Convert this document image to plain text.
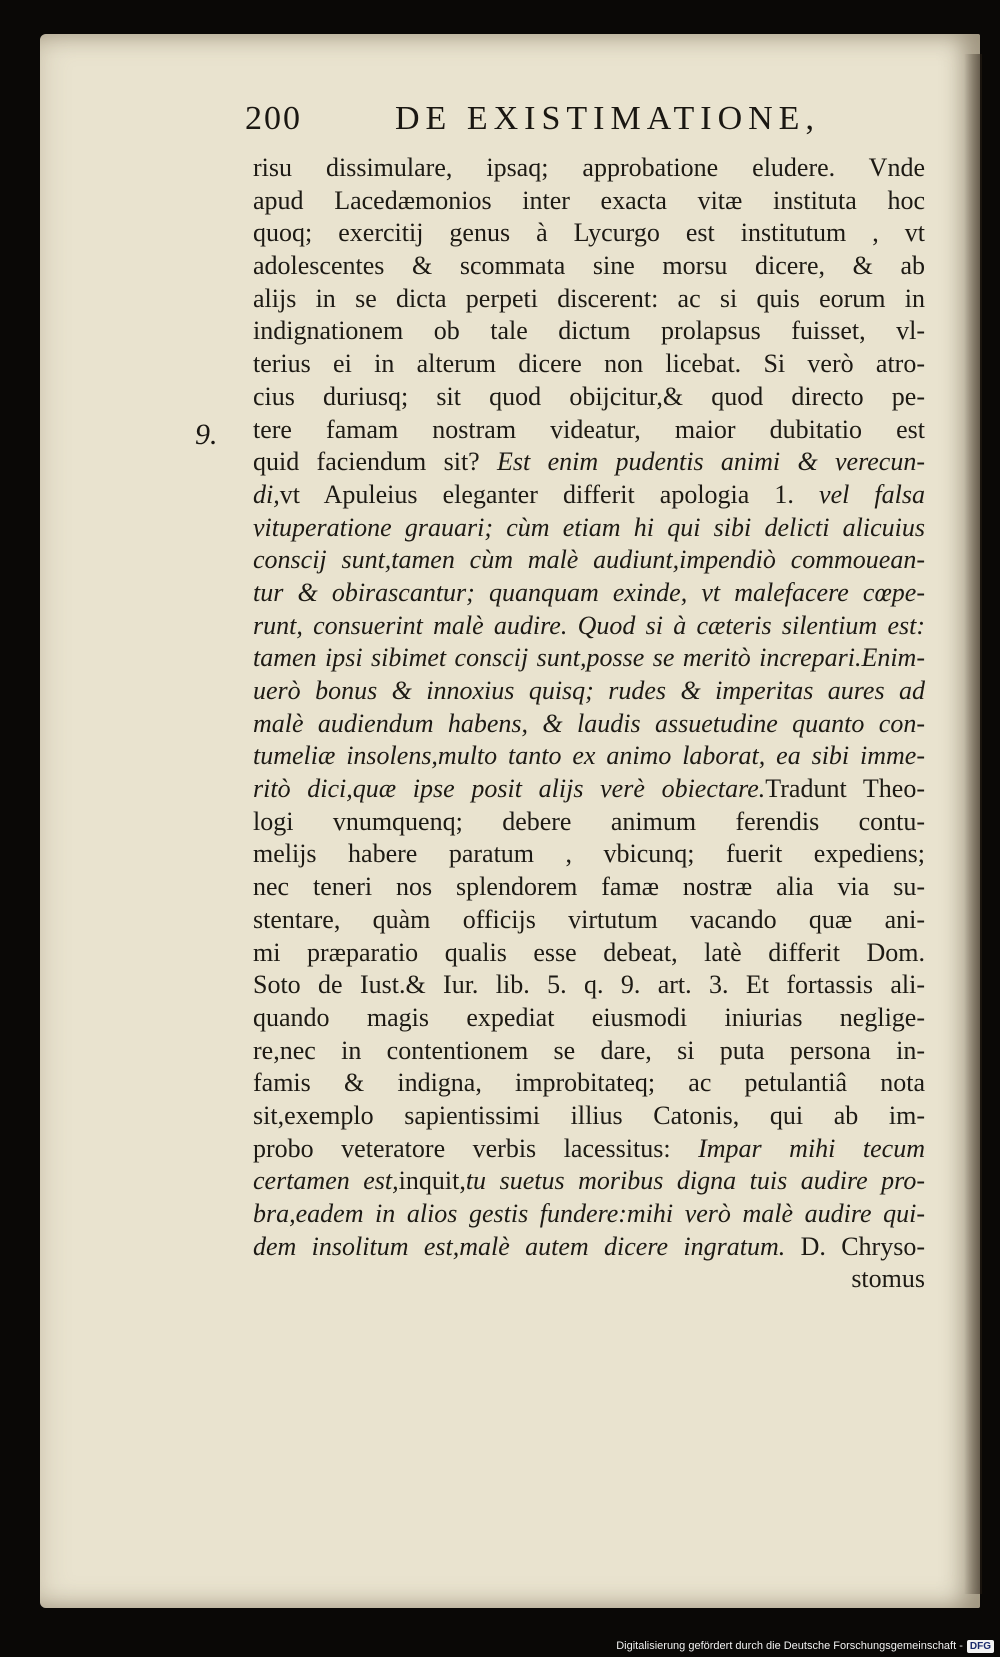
200	DE EXISTIMATIONE,
9.
risu dissimulare, ipsaq; approbatione eludere. Vnde
apud Lacedæmonios inter exacta vitæ instituta hoc
quoq; exercitij genus à Lycurgo est institutum , vt
adolescentes & scommata sine morsu dicere, & ab
alijs in se dicta perpeti discerent: ac si quis eorum in
indignationem ob tale dictum prolapsus fuisset, vl-
terius ei in alterum dicere non licebat. Si verò atro-
cius duriusq; sit quod obijcitur,& quod directo pe-
tere famam nostram videatur, maior dubitatio est
quid faciendum sit? Est enim pudentis animi & verecun-
di,vt Apuleius eleganter differit apologia 1. vel falsa
vituperatione grauari; cùm etiam hi qui sibi delicti alicuius
conscij sunt,tamen cùm malè audiunt,impendiò commouean-
tur & obirascantur; quanquam exinde, vt malefacere cœpe-
runt, consuerint malè audire. Quod si à cæteris silentium est:
tamen ipsi sibimet conscij sunt,posse se meritò increpari.Enim-
uerò bonus & innoxius quisq; rudes & imperitas aures ad
malè audiendum habens, & laudis assuetudine quanto con-
tumeliæ insolens,multo tanto ex animo laborat, ea sibi imme-
ritò dici,quæ ipse posit alijs verè obiectare.Tradunt Theo-
logi vnumquenq; debere animum ferendis contu-
melijs habere paratum , vbicunq; fuerit expediens;
nec teneri nos splendorem famæ nostræ alia via su-
stentare, quàm officijs virtutum vacando quæ ani-
mi præparatio qualis esse debeat, latè differit Dom.
Soto de Iust.& Iur. lib. 5. q. 9. art. 3. Et fortassis ali-
quando magis expediat eiusmodi iniurias neglige-
re,nec in contentionem se dare, si puta persona in-
famis & indigna, improbitateq; ac petulantiâ nota
sit,exemplo sapientissimi illius Catonis, qui ab im-
probo veteratore verbis lacessitus: Impar mihi tecum
certamen est,inquit,tu suetus moribus digna tuis audire pro-
bra,eadem in alios gestis fundere:mihi verò malè audire qui-
dem insolitum est,malè autem dicere ingratum. D. Chryso-
stomus
Digitalisierung gefördert durch die Deutsche Forschungsgemeinschaft - DFG
